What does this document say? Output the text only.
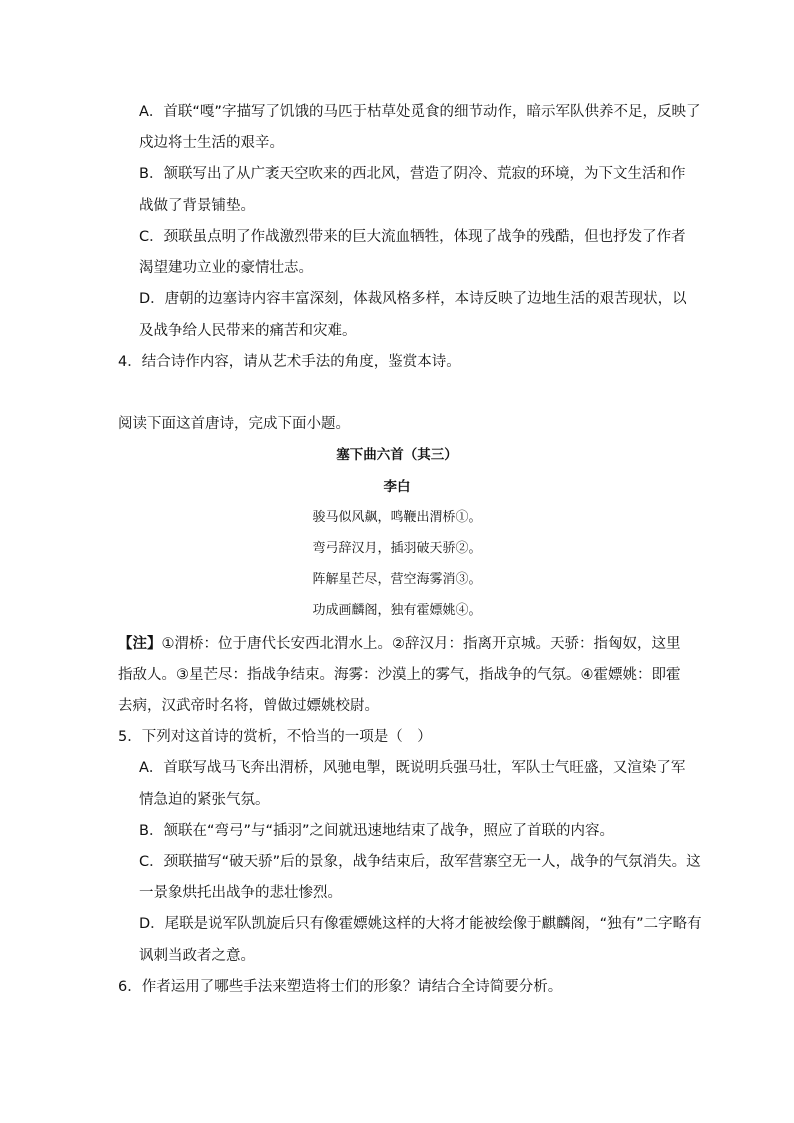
A．首联“嘎”字描写了饥饿的马匹于枯草处觅食的细节动作，暗示军队供养不足，反映了
戍边将士生活的艰辛。
B．颔联写出了从广袤天空吹来的西北风，营造了阴冷、荒寂的环境，为下文生活和作
战做了背景铺垫。
C．颈联虽点明了作战激烈带来的巨大流血牺牲，体现了战争的残酷，但也抒发了作者
渴望建功立业的豪情壮志。
D．唐朝的边塞诗内容丰富深刻，体裁风格多样，本诗反映了边地生活的艰苦现状，以
及战争给人民带来的痛苦和灾难。
4．结合诗作内容，请从艺术手法的角度，鉴赏本诗。
阅读下面这首唐诗，完成下面小题。
塞下曲六首（其三）
李白
骏马似风飙，鸣鞭出渭桥①。
弯弓辞汉月，插羽破天骄②。
阵解星芒尽，营空海雾消③。
功成画麟阁，独有霍嫖姚④。
【注】①渭桥：位于唐代长安西北渭水上。②辞汉月：指离开京城。天骄：指匈奴，这里
指敌人。③星芒尽：指战争结束。海雾：沙漠上的雾气，指战争的气氛。④霍嫖姚：即霍
去病，汉武帝时名将，曾做过嫖姚校尉。
5．下列对这首诗的赏析，不恰当的一项是（　）
A．首联写战马飞奔出渭桥，风驰电掣，既说明兵强马壮，军队士气旺盛，又渲染了军
情急迫的紧张气氛。
B．颔联在“弯弓”与“插羽”之间就迅速地结束了战争，照应了首联的内容。
C．颈联描写“破天骄”后的景象，战争结束后，敌军营寨空无一人，战争的气氛消失。这
一景象烘托出战争的悲壮惨烈。
D．尾联是说军队凯旋后只有像霍嫖姚这样的大将才能被绘像于麒麟阁，“独有”二字略有
讽刺当政者之意。
6．作者运用了哪些手法来塑造将士们的形象？请结合全诗简要分析。
